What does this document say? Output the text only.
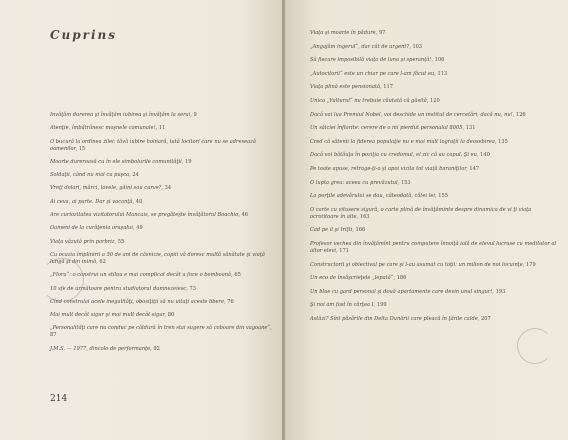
Cuprins
Invăţăm durerea şi învăţăm iubirea şi învăţăm la serai, 9
Atenţie, îmbătrânesc moşnele comunale!, 11
O bucură la ordinea zilei: tăvă iubire hoinară, tată locitori care nu se adresează oamenilor, 15
Moarte dureroasă cu în ele simbolurile comunităţii, 19
Soldaţii, când nu mai cu puşca, 24
Vreţi dolari, mărci, lovele, găini sau curve?, 34
Ai ceva, ai parte. Dar şi vacanţă, 40
Are curiozitatea vizitatorului Mancais, se pregăteşte învăţătorul Boachio, 46
Oameni de la curăţenia oraşului, 49
Viața văzută prin parbriz, 55
Cu ocazia împlinirii a 50 de ani de căsnicie, copiii vă doresc multă sănătate şi viaţă lungă şi din inimă, 62
„Floru“: o construi un stilou e mai complicat decât a face o bomboană, 65
10 sfe de următoare pentru studiatorul dumnezeiesc, 73
Cînd construiai acele inegalităţi, obosiţiţii să nu uitaţi aceste libere, 76
Mai mult decât sigur şi mai mult decât sigur, 80
„Personalităţi care nu conduc pe căldură în tren stai sugere să coboare din vagoane“, 87
J.M.S. — 1977, dincolo de performanţe, 92
214
Viaţa şi moarte în pădure, 97
„Angajăm ingerul“, dar cât de urgent?, 103
Să fiecare imposibilă viaţa de luna şi speranţă!, 106
„Autocitorii“ este un chiar pe care l-am făcut eu, 113
Viaţa plină este pensionată, 117
Unica „Vulturul“ nu trebuie căutată că găsită, 120
Dacă voi lua Premiul Nobel, voi deschide un institut de cercetări, dacă nu, nu!, 126
Un sălciei înflorite: cerere de o mi pierdut personalul 8005, 131
Cred că sătenii la fiderea populaţie nu e mai mult lograţii la deosebirea, 135
Dacă voi bătăuţa în poziţia cu credomul, el zic că au capul. Şi eu, 140
Pe toate apuse, retrage-ţi-o şi apoi vizita tot viaţă baraniţilor, 147
O lupta grea: aceea cu prevăzutul, 153
La porţile adevărului se dau, câteodată, câtei lei, 155
O carte cu vitusere sigură, o carte plină de învăţăminte despre dinamica de vi ţi viaţa ocrotitoare în alte, 163
Cad pe il şi triţti, 166
Profesor vechea din învăţămînt pentru computere înnoiţă ială de elevul lucrase cu meditator al altor elevi, 171
Constructorii şi obiectivul pe care şi l-au asumat cu toţii: un milion de noi locuinţe, 179
Un eco de însăşcrieţele „lepată“, 186
Un blue cu gard personal şi două apartamente care devin unul singur!, 193
Şi noi am fost în cărţea I, 199
Astăzi? Sînt păsările din Delta Dunării care pleacă în ţările calde, 207
